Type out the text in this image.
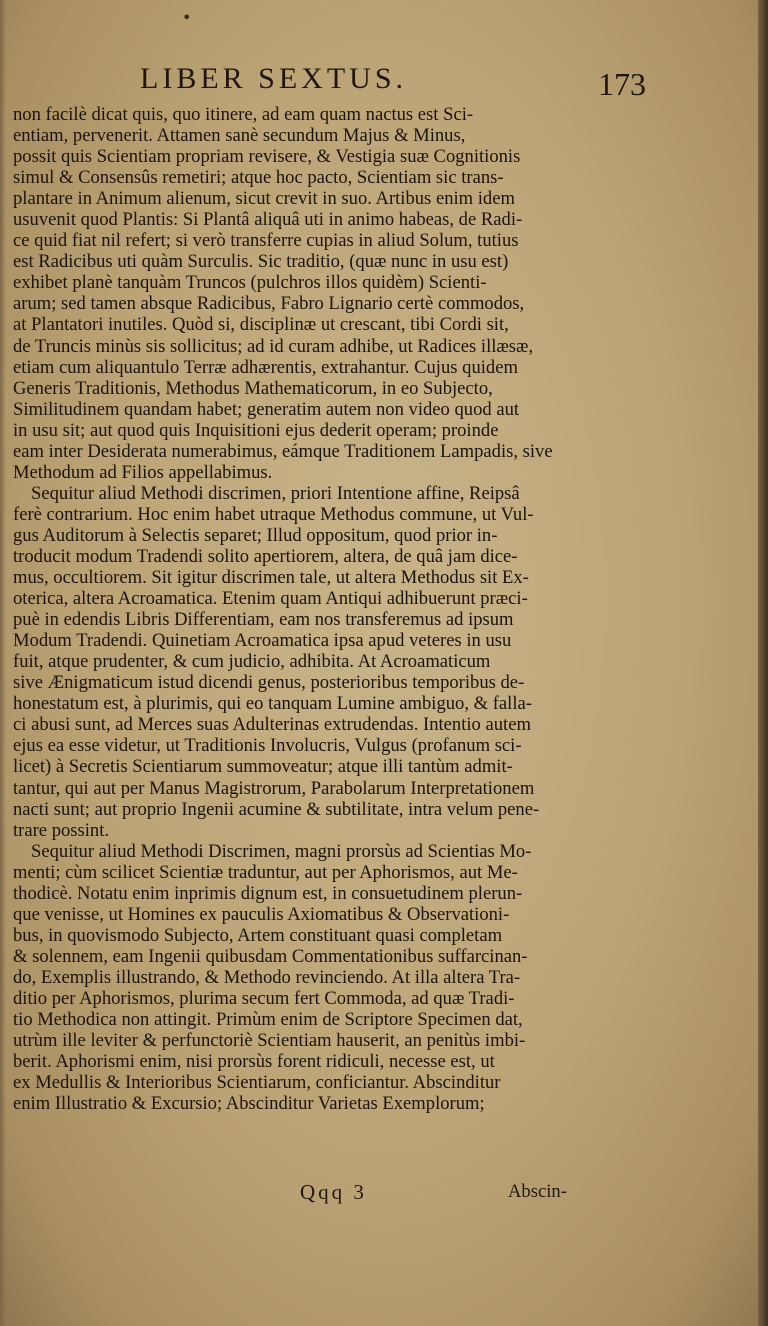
•
LIBER SEXTUS.	173
non facilè dicat quis, quo itinere, ad eam quam nactus est Sci-
entiam, pervenerit. Attamen sanè secundum Majus & Minus,
possit quis Scientiam propriam revisere, & Vestigia suæ Cognitionis
simul & Consensûs remetiri; atque hoc pacto, Scientiam sic trans-
plantare in Animum alienum, sicut crevit in suo. Artibus enim idem
usuvenit quod Plantis: Si Plantâ aliquâ uti in animo habeas, de Radi-
ce quid fiat nil refert; si verò transferre cupias in aliud Solum, tutius
est Radicibus uti quàm Surculis. Sic traditio, (quæ nunc in usu est)
exhibet planè tanquàm Truncos (pulchros illos quidèm) Scienti-
arum; sed tamen absque Radicibus, Fabro Lignario certè commodos,
at Plantatori inutiles. Quòd si, disciplinæ ut crescant, tibi Cordi sit,
de Truncis minùs sis sollicitus; ad id curam adhibe, ut Radices illæsæ,
etiam cum aliquantulo Terræ adhærentis, extrahantur. Cujus quidem
Generis Traditionis, Methodus Mathematicorum, in eo Subjecto,
Similitudinem quandam habet; generatim autem non video quod aut
in usu sit; aut quod quis Inquisitioni ejus dederit operam; proinde
eam inter Desiderata numerabimus, eámque Traditionem Lampadis, sive
Methodum ad Filios appellabimus.
Sequitur aliud Methodi discrimen, priori Intentione affine, Reipsâ
ferè contrarium. Hoc enim habet utraque Methodus commune, ut Vul-
gus Auditorum à Selectis separet; Illud oppositum, quod prior in-
troducit modum Tradendi solito apertiorem, altera, de quâ jam dice-
mus, occultiorem. Sit igitur discrimen tale, ut altera Methodus sit Ex-
oterica, altera Acroamatica. Etenim quam Antiqui adhibuerunt præci-
puè in edendis Libris Differentiam, eam nos transferemus ad ipsum
Modum Tradendi. Quinetiam Acroamatica ipsa apud veteres in usu
fuit, atque prudenter, & cum judicio, adhibita. At Acroamaticum
sive Ænigmaticum istud dicendi genus, posterioribus temporibus de-
honestatum est, à plurimis, qui eo tanquam Lumine ambiguo, & falla-
ci abusi sunt, ad Merces suas Adulterinas extrudendas. Intentio autem
ejus ea esse videtur, ut Traditionis Involucris, Vulgus (profanum sci-
licet) à Secretis Scientiarum summoveatur; atque illi tantùm admit-
tantur, qui aut per Manus Magistrorum, Parabolarum Interpretationem
nacti sunt; aut proprio Ingenii acumine & subtilitate, intra velum pene-
trare possint.
Sequitur aliud Methodi Discrimen, magni prorsùs ad Scientias Mo-
menti; cùm scilicet Scientiæ traduntur, aut per Aphorismos, aut Me-
thodicè. Notatu enim inprimis dignum est, in consuetudinem plerun-
que venisse, ut Homines ex pauculis Axiomatibus & Observationi-
bus, in quovismodo Subjecto, Artem constituant quasi completam
& solennem, eam Ingenii quibusdam Commentationibus suffarcinan-
do, Exemplis illustrando, & Methodo revinciendo. At illa altera Tra-
ditio per Aphorismos, plurima secum fert Commoda, ad quæ Tradi-
tio Methodica non attingit. Primùm enim de Scriptore Specimen dat,
utrùm ille leviter & perfunctoriè Scientiam hauserit, an penitùs imbi-
berit. Aphorismi enim, nisi prorsùs forent ridiculi, necesse est, ut
ex Medullis & Interioribus Scientiarum, conficiantur. Abscinditur
enim Illustratio & Excursio; Abscinditur Varietas Exemplorum;
Qqq 3	Abscin-
